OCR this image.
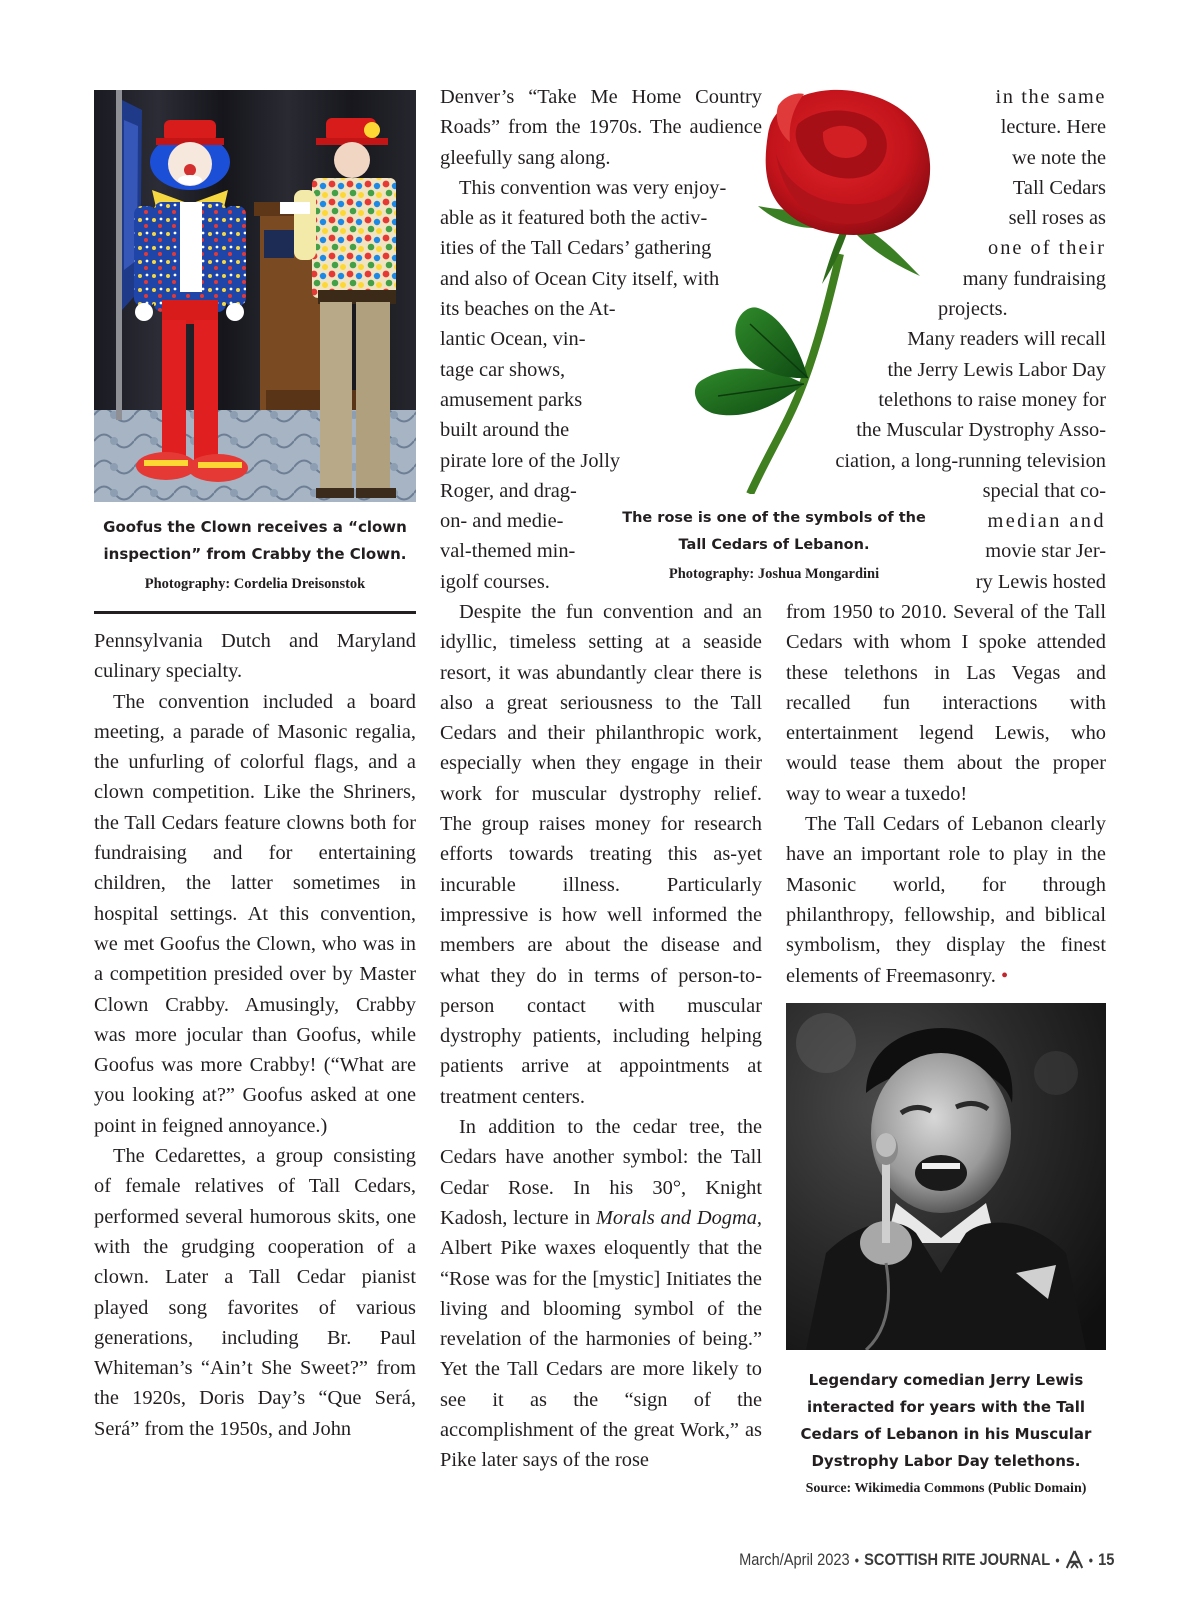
Goofus the Clown receives a “clown
inspection” from Crabby the Clown.
Photography: Cordelia Dreisonstok

Pennsylvania Dutch and Maryland culinary specialty.

The convention included a board meeting, a parade of Masonic regalia, the unfurling of colorful flags, and a clown competition. Like the Shriners, the Tall Cedars feature clowns both for fundraising and for entertaining children, the latter sometimes in hospital settings. At this convention, we met Goofus the Clown, who was in a competition presided over by Master Clown Crabby. Amusingly, Crabby was more jocular than Goofus, while Goofus was more Crabby! (“What are you looking at?” Goofus asked at one point in feigned annoyance.)

The Cedarettes, a group consisting of female relatives of Tall Cedars, performed several humorous skits, one with the grudging cooperation of a clown. Later a Tall Cedar pianist played song favorites of various generations, including Br. Paul Whiteman’s “Ain’t She Sweet?” from the 1920s, Doris Day’s “Que Será, Será” from the 1950s, and John

Denver’s “Take Me Home Country
Roads” from the 1970s. The audience
gleefully sang along.
This convention was very enjoy-
able as it featured both the activ-
ities of the Tall Cedars’ gathering
and also of Ocean City itself, with
its beaches on the At-
lantic Ocean, vin-
tage car shows,
amusement parks
built around the
pirate lore of the Jolly
Roger, and drag-
on- and medie-
val-themed min-
igolf courses.
The rose is one of the symbols of the
Tall Cedars of Lebanon.
Photography: Joshua Mongardini

Despite the fun convention and an idyllic, timeless setting at a seaside resort, it was abundantly clear there is also a great seriousness to the Tall Cedars and their philanthropic work, especially when they engage in their work for muscular dystrophy relief. The group raises money for research efforts towards treating this as-yet incurable illness. Particularly impressive is how well informed the members are about the disease and what they do in terms of person-to-person contact with muscular dystrophy patients, including helping patients arrive at appointments at treatment centers.

In addition to the cedar tree, the Cedars have another symbol: the Tall Cedar Rose. In his 30°, Knight Kadosh, lecture in Morals and Dogma, Albert Pike waxes eloquently that the “Rose was for the [mystic] Initiates the living and blooming symbol of the revelation of the harmonies of being.” Yet the Tall Cedars are more likely to see it as the “sign of the accomplishment of the great Work,” as Pike later says of the rose

in the same
lecture. Here
we note the
Tall Cedars
sell roses as
one of their
many fundraising
projects.
Many readers will recall
the Jerry Lewis Labor Day
telethons to raise money for
the Muscular Dystrophy Asso-
ciation, a long-running television
special that co-
median and
movie star Jer-
ry Lewis hosted

from 1950 to 2010. Several of the Tall Cedars with whom I spoke attended these telethons in Las Vegas and recalled fun interactions with entertainment legend Lewis, who would tease them about the proper way to wear a tuxedo!

The Tall Cedars of Lebanon clearly have an important role to play in the Masonic world, for through philanthropy, fellowship, and biblical symbolism, they display the finest elements of Freemasonry. •

Legendary comedian Jerry Lewis
interacted for years with the Tall
Cedars of Lebanon in his Muscular
Dystrophy Labor Day telethons.
Source: Wikimedia Commons (Public Domain)
March/April 2023 • SCOTTISH RITE JOURNAL • • 15
